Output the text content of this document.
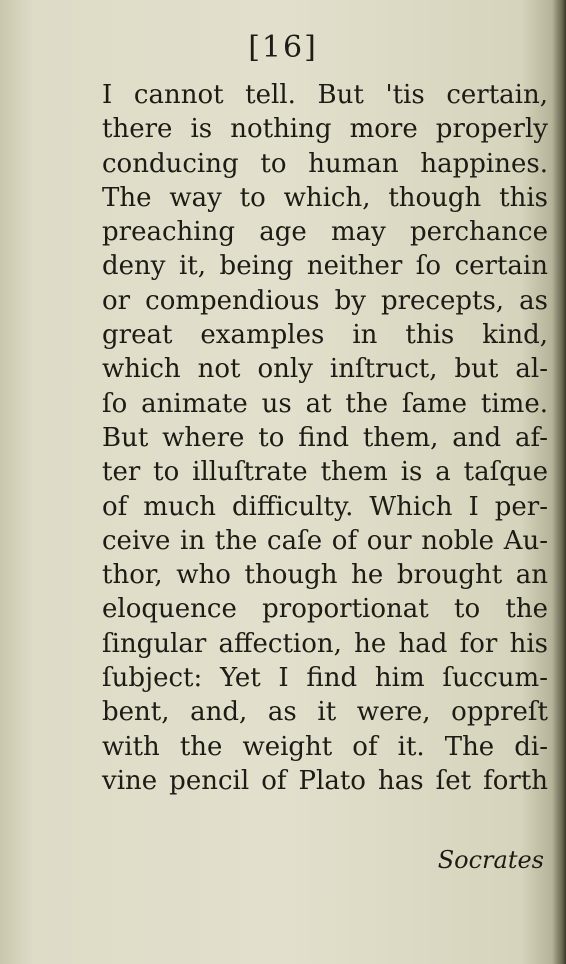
[16]
I cannot tell. But 'tis certain,
there is nothing more properly
conducing to human happines.
The way to which, though this
preaching age may perchance
deny it, being neither ſo certain
or compendious by precepts, as
great examples in this kind,
which not only inſtruct, but al-
ſo animate us at the ſame time.
But where to find them, and af-
ter to illuſtrate them is a taſque
of much difficulty. Which I per-
ceive in the caſe of our noble Au-
thor, who though he brought an
eloquence proportionat to the
ſingular affection, he had for his
ſubject: Yet I find him ſuccum-
bent, and, as it were, oppreſt
with the weight of it. The di-
vine pencil of Plato has ſet forth
Socrates
